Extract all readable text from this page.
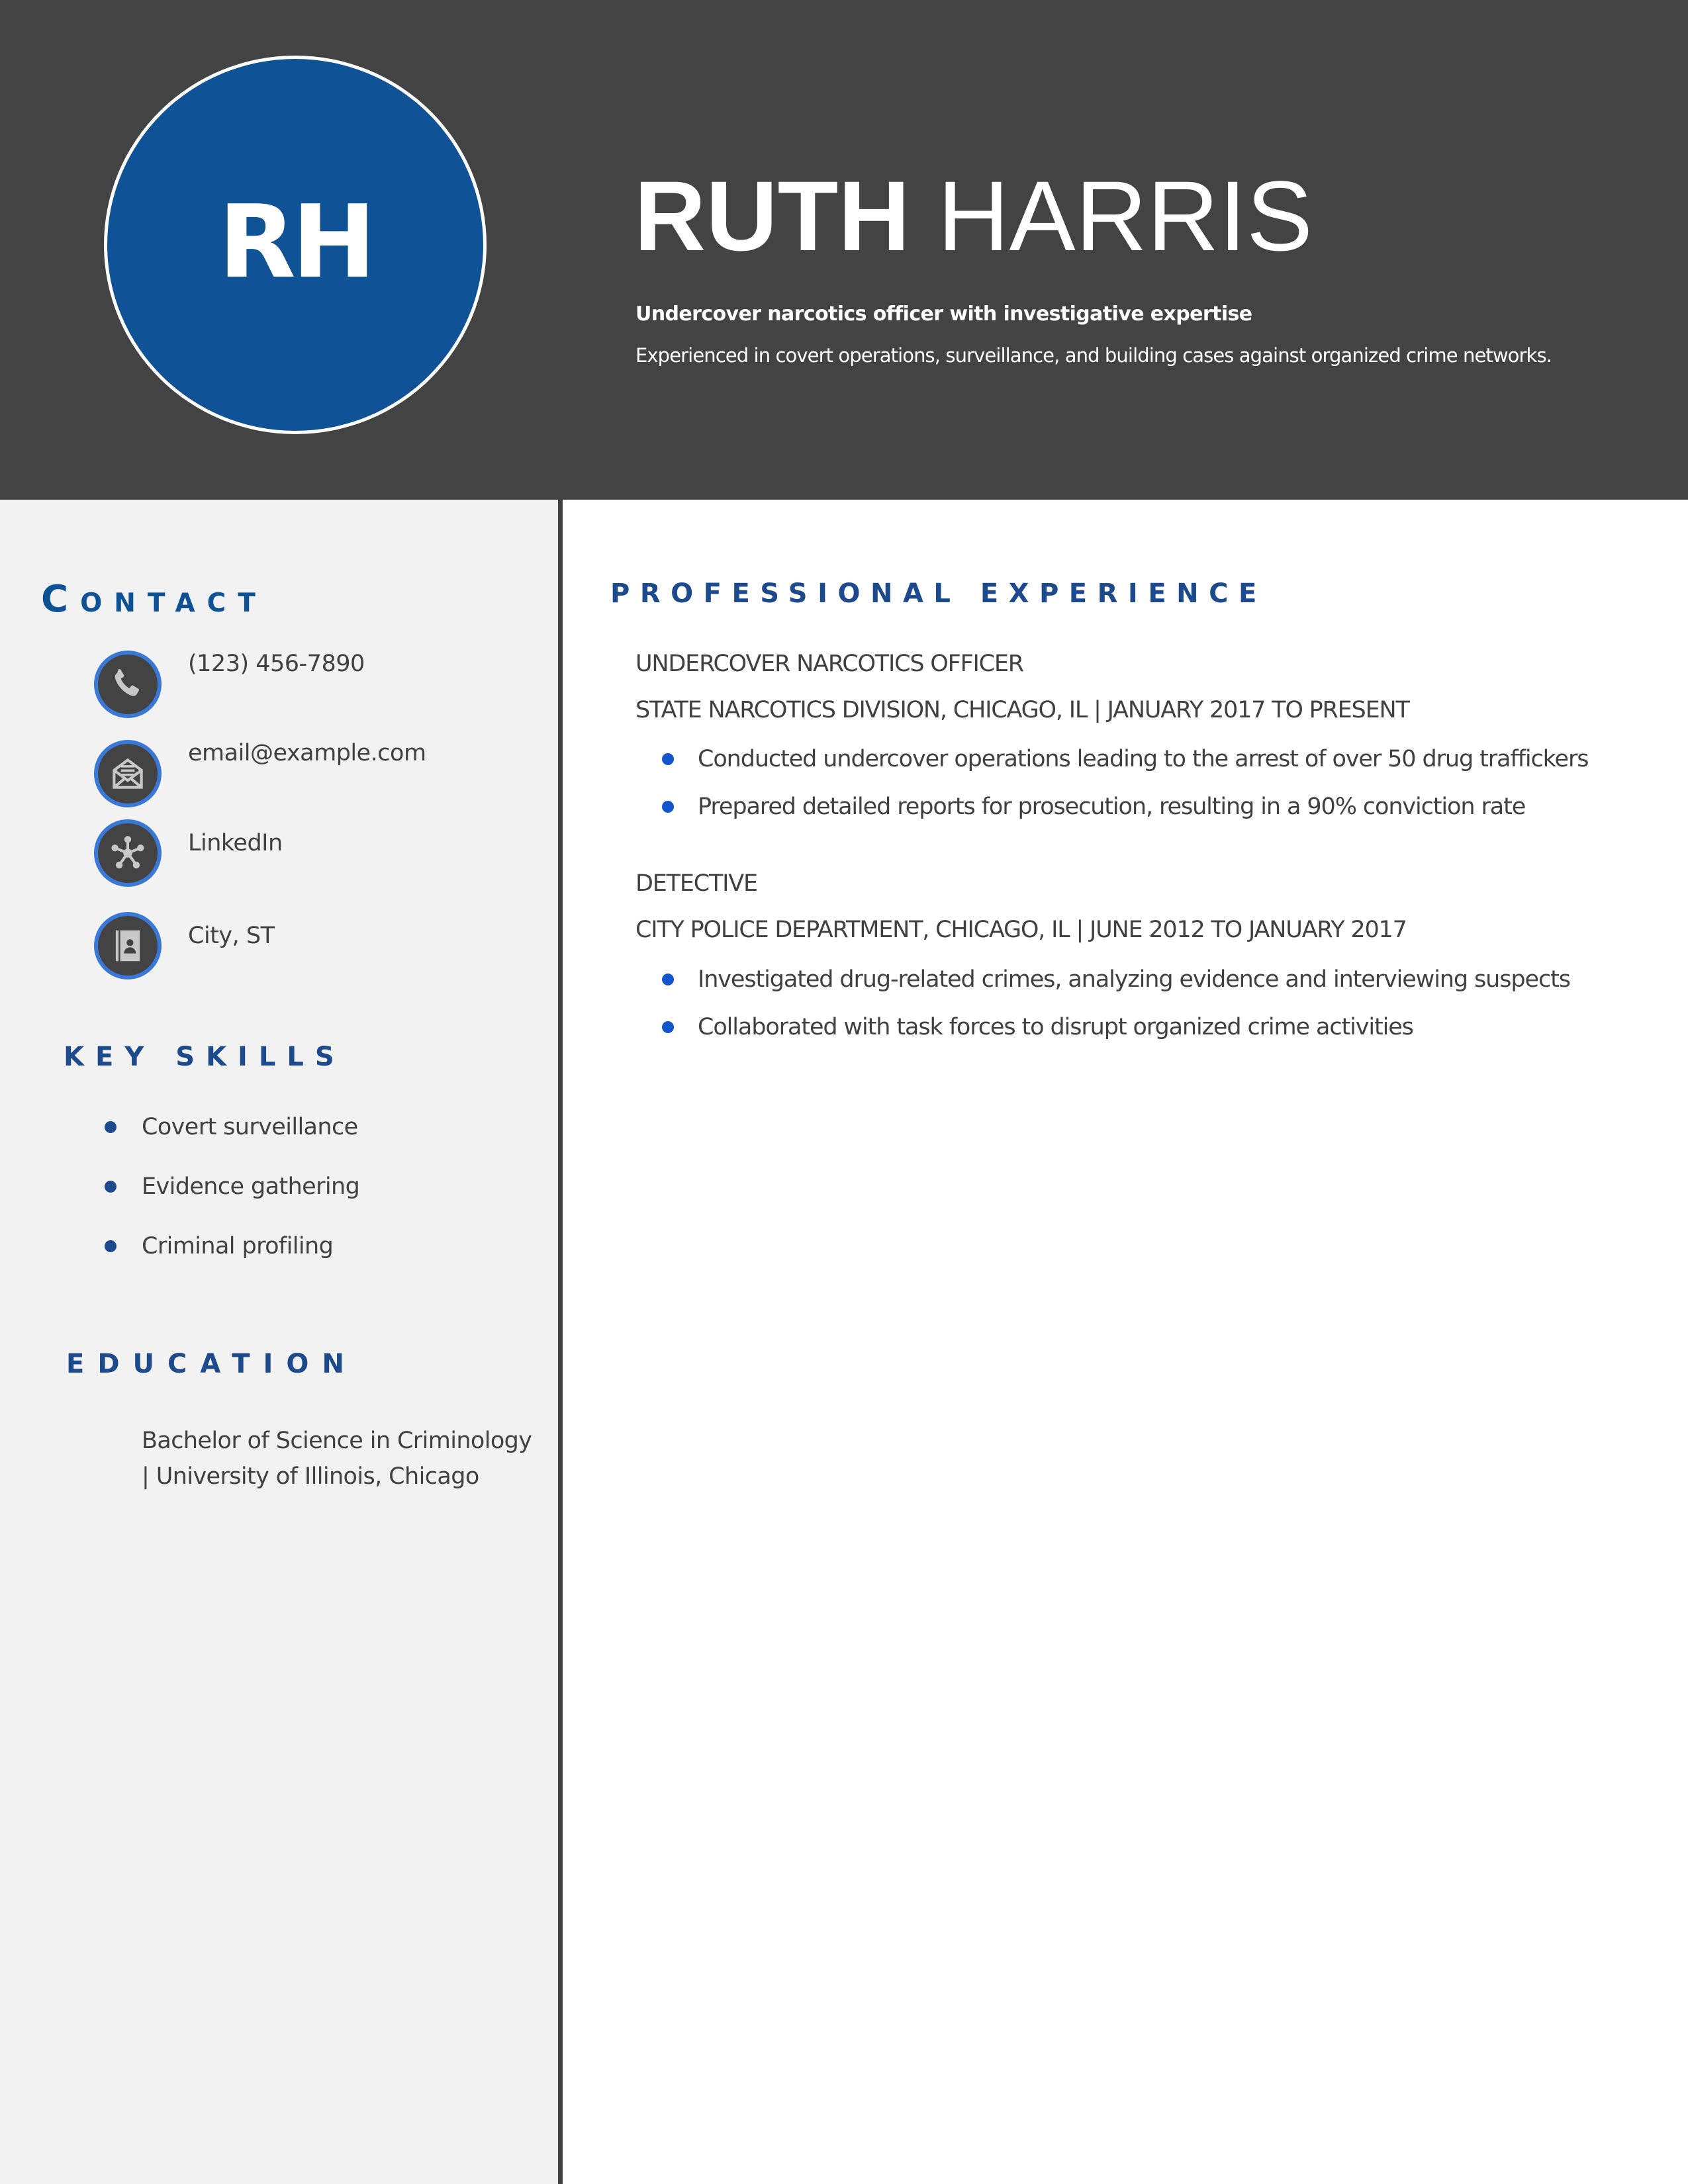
RH	RUTH HARRIS
Undercover narcotics officer with investigative expertise
Experienced in covert operations, surveillance, and building cases against organized crime networks.
Contact
(123) 456-7890
email@example.com
LinkedIn
City, ST
KEY SKILLS
Covert surveillance
Evidence gathering
Criminal profiling
EDUCATION
Bachelor of Science in Criminology | University of Illinois, Chicago
PROFESSIONAL EXPERIENCE
UNDERCOVER NARCOTICS OFFICER
STATE NARCOTICS DIVISION, CHICAGO, IL | JANUARY 2017 TO PRESENT
Conducted undercover operations leading to the arrest of over 50 drug traffickers
Prepared detailed reports for prosecution, resulting in a 90% conviction rate
DETECTIVE
CITY POLICE DEPARTMENT, CHICAGO, IL | JUNE 2012 TO JANUARY 2017
Investigated drug-related crimes, analyzing evidence and interviewing suspects
Collaborated with task forces to disrupt organized crime activities
